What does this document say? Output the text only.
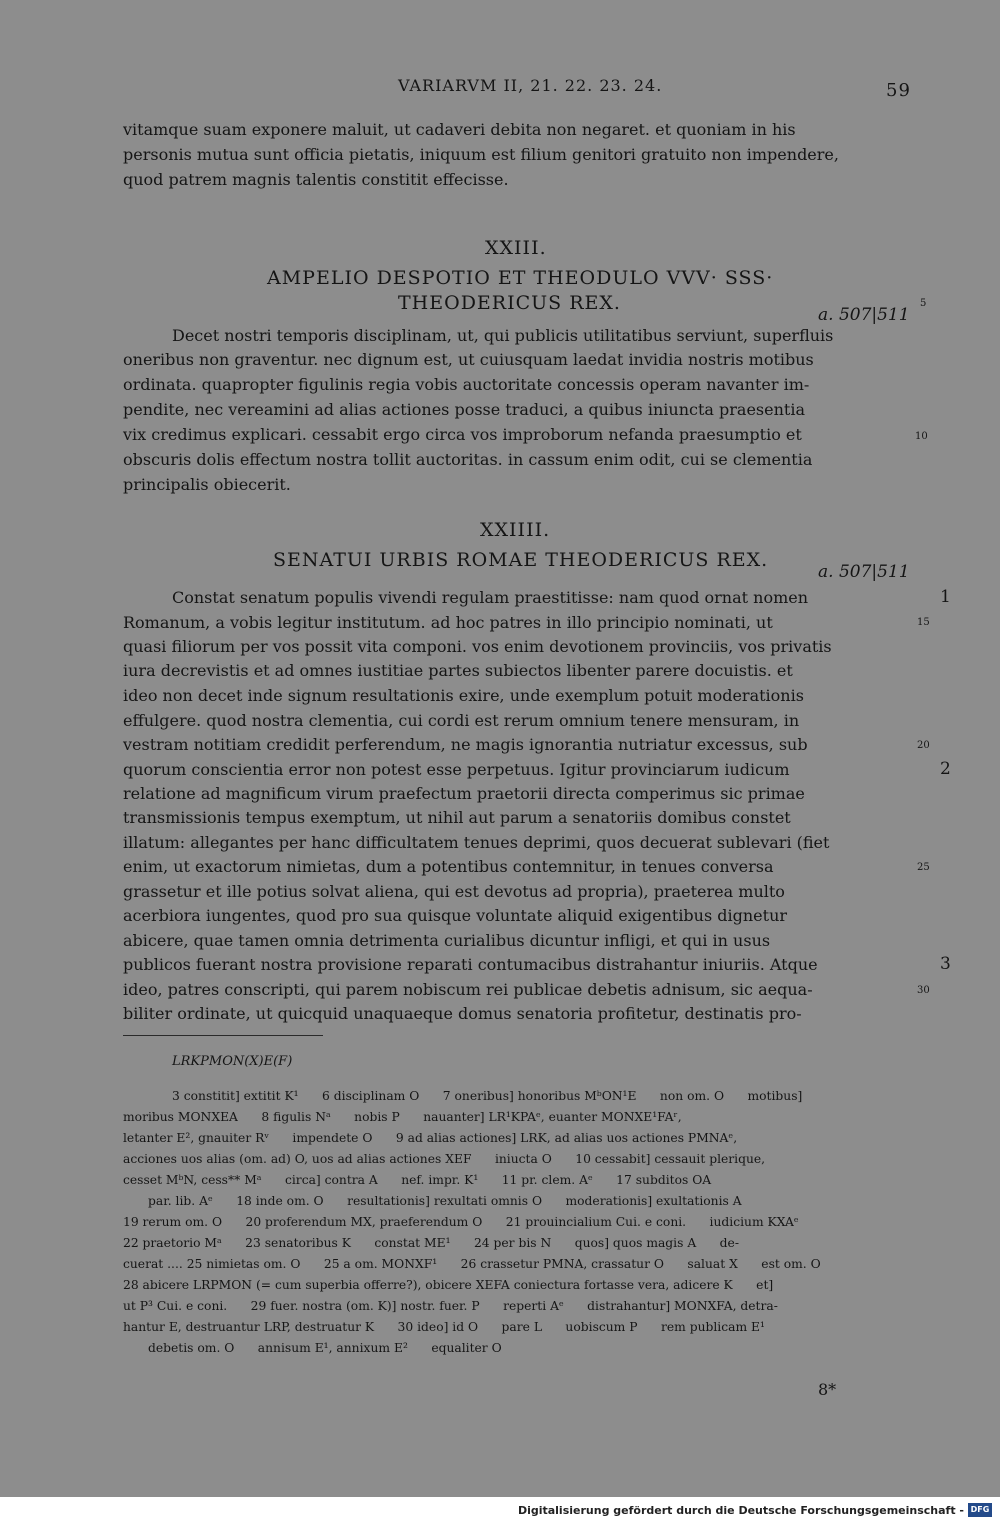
VARIARVM II, 21. 22. 23. 24.	59
vitamque suam exponere maluit, ut cadaveri debita non negaret. et quoniam in his
personis mutua sunt officia pietatis, iniquum est filium genitori gratuito non impendere,
quod patrem magnis talentis constitit effecisse.
XXIII.
AMPELIO DESPOTIO ET THEODULO VVV· SSS·
THEODERICUS REX.
a. 507|511
5
Decet nostri temporis disciplinam, ut, qui publicis utilitatibus serviunt, superfluis
oneribus non graventur. nec dignum est, ut cuiusquam laedat invidia nostris motibus
ordinata. quapropter figulinis regia vobis auctoritate concessis operam navanter im-
pendite, nec vereamini ad alias actiones posse traduci, a quibus iniuncta praesentia
vix credimus explicari. cessabit ergo circa vos improborum nefanda praesumptio et	10
obscuris dolis effectum nostra tollit auctoritas. in cassum enim odit, cui se clementia
principalis obiecerit.
XXIIII.
SENATUI URBIS ROMAE THEODERICUS REX.
a. 507|511
Constat senatum populis vivendi regulam praestitisse: nam quod ornat nomen	1
Romanum, a vobis legitur institutum. ad hoc patres in illo principio nominati, ut	15
quasi filiorum per vos possit vita componi. vos enim devotionem provinciis, vos privatis
iura decrevistis et ad omnes iustitiae partes subiectos libenter parere docuistis. et
ideo non decet inde signum resultationis exire, unde exemplum potuit moderationis
effulgere. quod nostra clementia, cui cordi est rerum omnium tenere mensuram, in
vestram notitiam credidit perferendum, ne magis ignorantia nutriatur excessus, sub	20
quorum conscientia error non potest esse perpetuus. Igitur provinciarum iudicum	2
relatione ad magnificum virum praefectum praetorii directa comperimus sic primae
transmissionis tempus exemptum, ut nihil aut parum a senatoriis domibus constet
illatum: allegantes per hanc difficultatem tenues deprimi, quos decuerat sublevari (fiet
enim, ut exactorum nimietas, dum a potentibus contemnitur, in tenues conversa	25
grassetur et ille potius solvat aliena, qui est devotus ad propria), praeterea multo
acerbiora iungentes, quod pro sua quisque voluntate aliquid exigentibus dignetur
abicere, quae tamen omnia detrimenta curialibus dicuntur infligi, et qui in usus
publicos fuerant nostra provisione reparati contumacibus distrahantur iniuriis. Atque	3
ideo, patres conscripti, qui parem nobiscum rei publicae debetis adnisum, sic aequa-	30
biliter ordinate, ut quicquid unaquaeque domus senatoria profitetur, destinatis pro-
LRKPMON(X)E(F)
3 constitit] extitit K¹      6 disciplinam O      7 oneribus] honoribus MᵇON¹E      non om. O      motibus]
moribus MONXEA      8 figulis Nᵃ      nobis P      nauanter] LR¹KPAᵉ, euanter MONXE¹FAʳ,
letanter E², gnauiter Rᵛ      impendete O      9 ad alias actiones] LRK, ad alias uos actiones PMNAᵉ,
acciones uos alias (om. ad) O, uos ad alias actiones XEF      iniucta O      10 cessabit] cessauit plerique,
cesset MᵇN, cess** Mᵃ      circa] contra A      nef. impr. K¹      11 pr. clem. Aᵉ      17 subditos OA
par. lib. Aᵉ      18 inde om. O      resultationis] rexultati omnis O      moderationis] exultationis A
19 rerum om. O      20 proferendum MX, praeferendum O      21 prouincialium Cui. e coni.      iudicium KXAᵉ
22 praetorio Mᵃ      23 senatoribus K      constat ME¹      24 per bis N      quos] quos magis A      de-
cuerat .... 25 nimietas om. O      25 a om. MONXF¹      26 crassetur PMNA, crassatur O      saluat X      est om. O
28 abicere LRPMON (= cum superbia offerre?), obicere XEFA coniectura fortasse vera, adicere K      et]
ut P³ Cui. e coni.      29 fuer. nostra (om. K)] nostr. fuer. P      reperti Aᵉ      distrahantur] MONXFA, detra-
hantur E, destruantur LRP, destruatur K      30 ideo] id O      pare L      uobiscum P      rem publicam E¹
debetis om. O      annisum E¹, annixum E²      equaliter O
8*
Digitalisierung gefördert durch die Deutsche Forschungsgemeinschaft - DFG
